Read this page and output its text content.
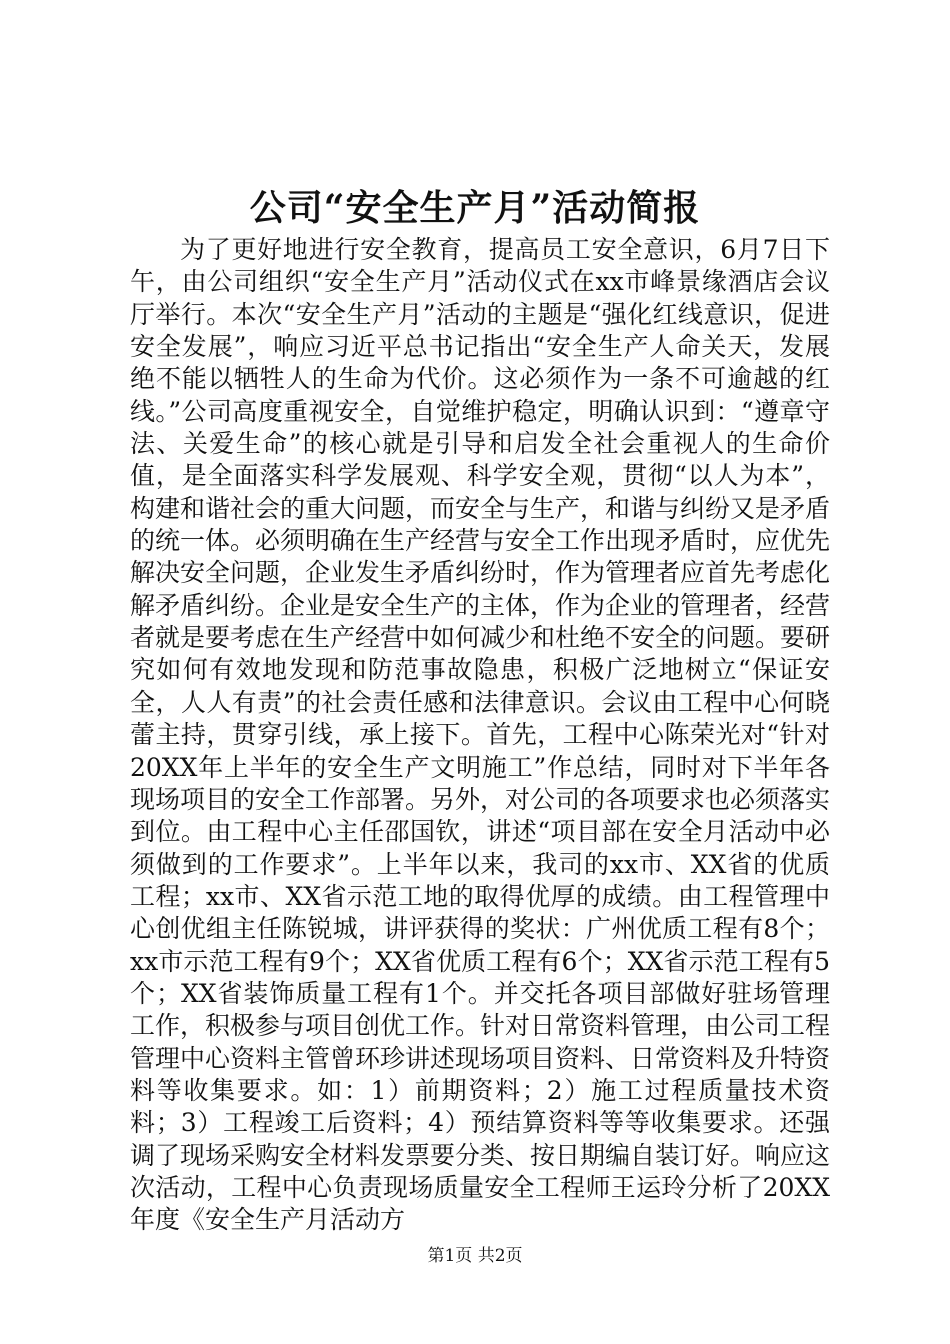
公司“安全生产月”活动简报

为了更好地进行安全教育，提高员工安全意识，6月7日下午，由公司组织“安全生产月”活动仪式在xx市峰景缘酒店会议厅举行。本次“安全生产月”活动的主题是“强化红线意识，促进安全发展”，响应习近平总书记指出“安全生产人命关天，发展绝不能以牺牲人的生命为代价。这必须作为一条不可逾越的红线。”公司高度重视安全，自觉维护稳定，明确认识到：“遵章守法、关爱生命”的核心就是引导和启发全社会重视人的生命价值，是全面落实科学发展观、科学安全观，贯彻“以人为本”，构建和谐社会的重大问题，而安全与生产，和谐与纠纷又是矛盾的统一体。必须明确在生产经营与安全工作出现矛盾时，应优先解决安全问题，企业发生矛盾纠纷时，作为管理者应首先考虑化解矛盾纠纷。企业是安全生产的主体，作为企业的管理者，经营者就是要考虑在生产经营中如何减少和杜绝不安全的问题。要研究如何有效地发现和防范事故隐患，积极广泛地树立“保证安全，人人有责”的社会责任感和法律意识。会议由工程中心何晓蕾主持，贯穿引线，承上接下。首先，工程中心陈荣光对“针对20XX年上半年的安全生产文明施工”作总结，同时对下半年各现场项目的安全工作部署。另外，对公司的各项要求也必须落实到位。由工程中心主任邵国钦，讲述“项目部在安全月活动中必须做到的工作要求”。上半年以来，我司的xx市、XX省的优质工程；xx市、XX省示范工地的取得优厚的成绩。由工程管理中心创优组主任陈锐城，讲评获得的奖状：广州优质工程有8个；xx市示范工程有9个；XX省优质工程有6个；XX省示范工程有5个；XX省装饰质量工程有1个。并交托各项目部做好驻场管理工作，积极参与项目创优工作。针对日常资料管理，由公司工程管理中心资料主管曾环珍讲述现场项目资料、日常资料及升特资料等收集要求。如：1）前期资料；2）施工过程质量技术资料；3）工程竣工后资料；4）预结算资料等等收集要求。还强调了现场采购安全材料发票要分类、按日期编自装订好。响应这次活动，工程中心负责现场质量安全工程师王运玲分析了20XX年度《安全生产月活动方

第1页 共2页
